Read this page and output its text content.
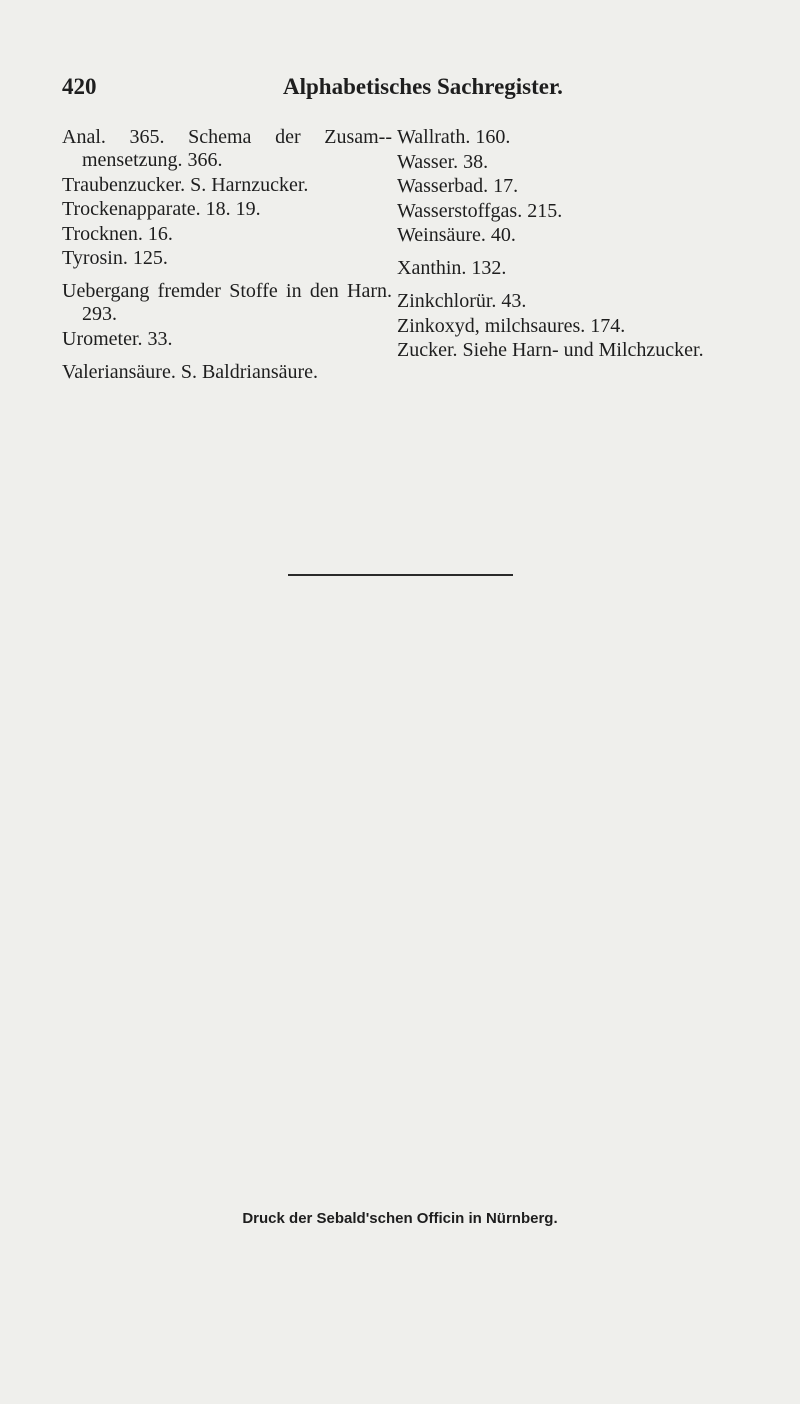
420	Alphabetisches Sachregister.
Anal. 365. Schema der Zusam-mensetzung. 366.
Traubenzucker. S. Harnzucker.
Trockenapparate. 18. 19.
Trocknen. 16.
Tyrosin. 125.
Uebergang fremder Stoffe in den Harn. 293.
Urometer. 33.
Valeriansäure. S. Baldriansäure.
Wallrath. 160.
Wasser. 38.
Wasserbad. 17.
Wasserstoffgas. 215.
Weinsäure. 40.
Xanthin. 132.
Zinkchlorür. 43.
Zinkoxyd, milchsaures. 174.
Zucker. Siehe Harn- und Milchzucker.
Druck der Sebald'schen Officin in Nürnberg.
